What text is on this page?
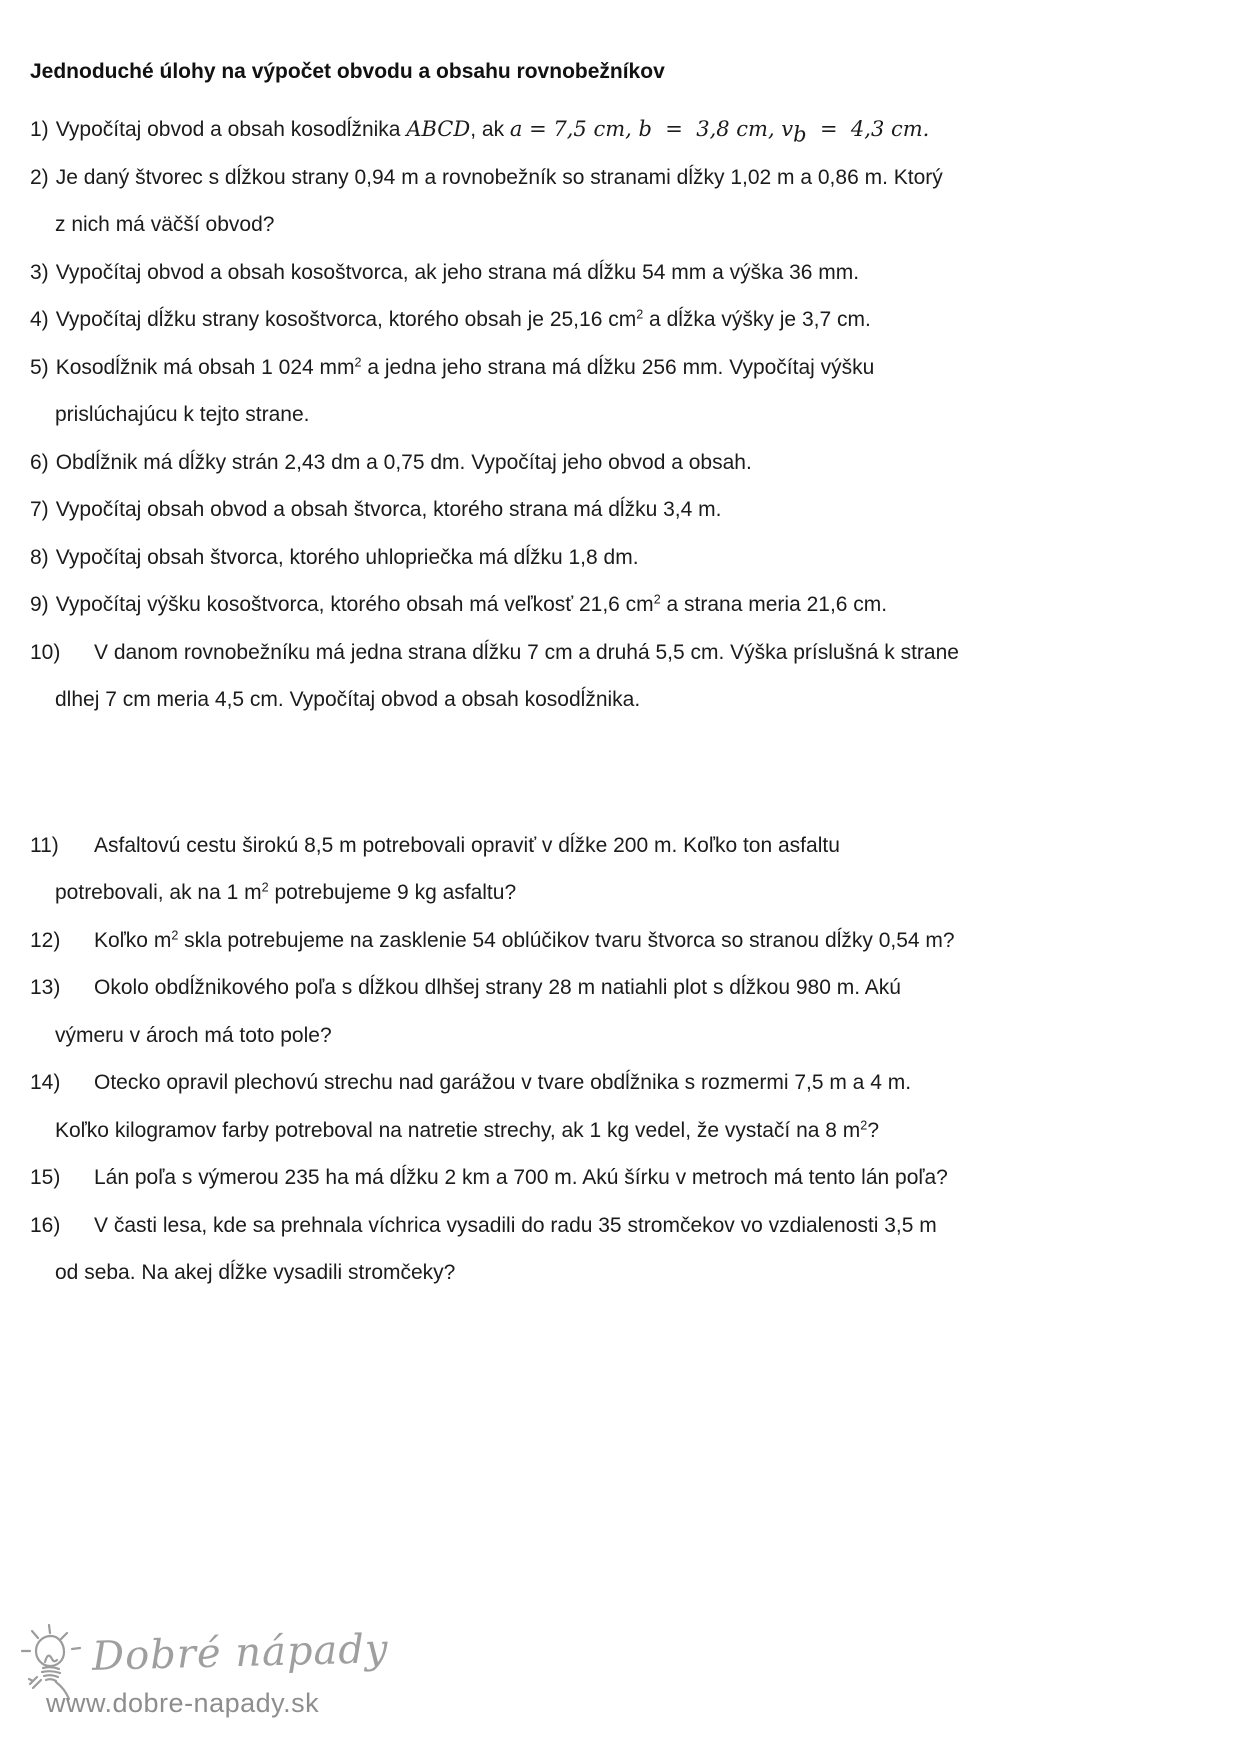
Jednoduché úlohy na výpočet obvodu a obsahu rovnobežníkov
1) Vypočítaj obvod a obsah kosodĺžnika ABCD, ak a = 7,5 cm, b  =  3,8 cm, $v_b = 4,3$ cm.
2) Je daný štvorec s dĺžkou strany 0,94 m a rovnobežník so stranami dĺžky 1,02 m a 0,86 m. Ktorý
z nich má väčší obvod?
3) Vypočítaj obvod a obsah kosoštvorca, ak jeho strana má dĺžku 54 mm a výška 36 mm.
4) Vypočítaj dĺžku strany kosoštvorca, ktorého obsah je 25,16 $cm^2$ a dĺžka výšky je 3,7 cm.
5) Kosodĺžnik má obsah 1 024 $mm^2$ a jedna jeho strana má dĺžku 256 mm. Vypočítaj výšku
prislúchajúcu k tejto strane.
6) Obdĺžnik má dĺžky strán 2,43 dm a 0,75 dm. Vypočítaj jeho obvod a obsah.
7) Vypočítaj obsah obvod a obsah štvorca, ktorého strana má dĺžku 3,4 m.
8) Vypočítaj obsah štvorca, ktorého uhlopriečka má dĺžku 1,8 dm.
9) Vypočítaj výšku kosoštvorca, ktorého obsah má veľkosť 21,6 $cm^2$ a strana meria 21,6 cm.
10) V danom rovnobežníku má jedna strana dĺžku 7 cm a druhá 5,5 cm. Výška príslušná k strane
dlhej 7 cm meria 4,5 cm. Vypočítaj obvod a obsah kosodĺžnika.
11) Asfaltovú cestu širokú 8,5 m potrebovali opraviť v dĺžke 200 m. Koľko ton asfaltu
potrebovali, ak na 1 $m^2$ potrebujeme 9 kg asfaltu?
12) Koľko $m^2$ skla potrebujeme na zasklenie 54 oblúčikov tvaru štvorca so stranou dĺžky 0,54 m?
13) Okolo obdĺžnikového poľa s dĺžkou dlhšej strany 28 m natiahli plot s dĺžkou 980 m. Akú
výmeru v ároch má toto pole?
14) Otecko opravil plechovú strechu nad garážou v tvare obdĺžnika s rozmermi 7,5 m a 4 m.
Koľko kilogramov farby potreboval na natretie strechy, ak 1 kg vedel, že vystačí na 8 $m^2$?
15) Lán poľa s výmerou 235 ha má dĺžku 2 km a 700 m. Akú šírku v metroch má tento lán poľa?
16) V časti lesa, kde sa prehnala víchrica vysadili do radu 35 stromčekov vo vzdialenosti 3,5 m
od seba. Na akej dĺžke vysadili stromčeky?
Dobré nápady
www.dobre-napady.sk
